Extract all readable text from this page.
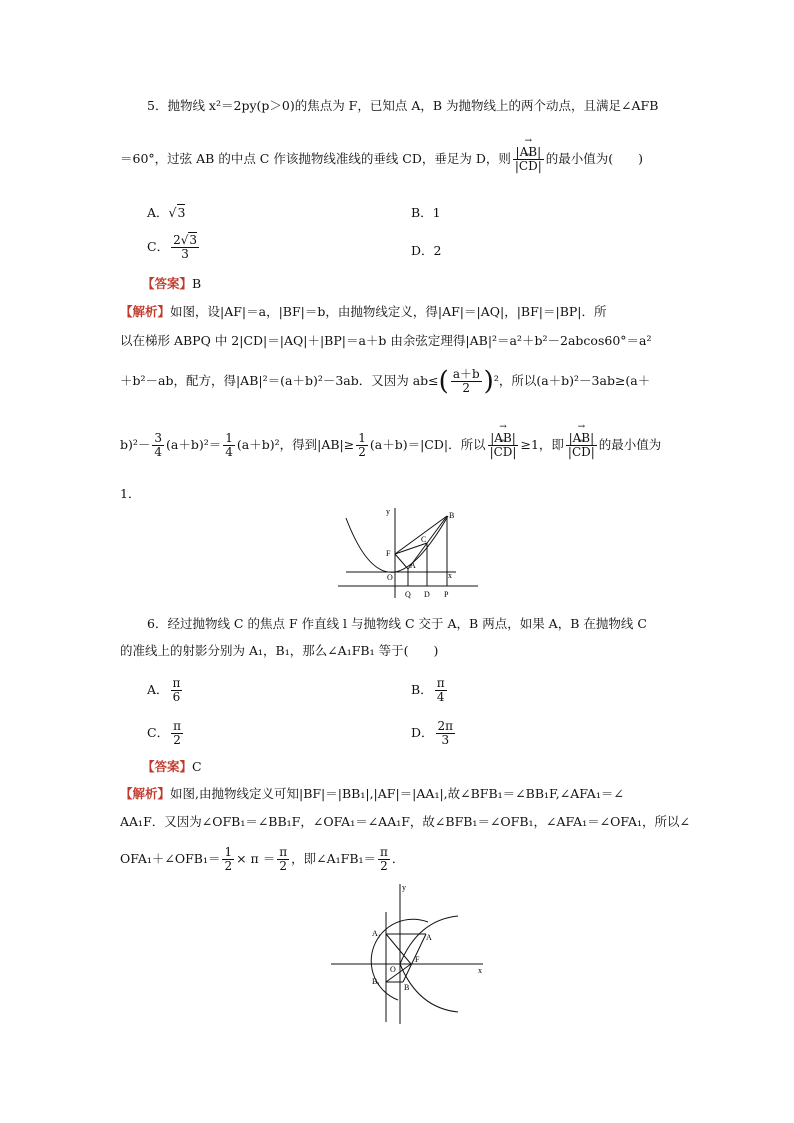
5．抛物线 x²＝2py(p＞0)的焦点为 F，已知点 A，B 为抛物线上的两个动点，且满足∠AFB
＝60°，过弦 AB 的中点 C 作该抛物线准线的垂线 CD，垂足为 D，则 → |AB|
→ |CD| 的最小值为(　　)
A．√3	B．1
C． $\frac{2√3}{3}$	D．2
【答案】B
【解析】如图，设|AF|＝a，|BF|＝b，由抛物线定义，得|AF|＝|AQ|，|BF|＝|BP|．所
以在梯形 ABPQ 中 2|CD|＝|AQ|＋|BP|＝a＋b 由余弦定理得|AB|²＝a²＋b²－2abcos60°＝a²
＋b²－ab，配方，得|AB|²＝(a＋b)²－3ab．又因为 $ab\le( \frac{a+b}{2} )^2$，所以(a＋b)²－3ab≥(a＋
$b)^2- \frac{3}{4} (a+b)^2= \frac{1}{4} (a+b)^2$，得到$|AB|\ge \frac{1}{2} (a+b)=|CD|$．所以 → |AB|
→ |CD| ≥1，即 → |AB|
→ |CD| 的最小值为
1．
y
x
B
C
F
A
O
Q D P
6．经过抛物线 C 的焦点 F 作直线 l 与抛物线 C 交于 A，B 两点，如果 A，B 在抛物线 C
的准线上的射影分别为 A₁，B₁，那么∠A₁FB₁ 等于(　　)
A． $\frac{\pi}{6}$	B． $\frac{\pi}{4}$
C． $\frac{\pi}{2}$	D． $\frac{2\pi}{3}$
【答案】C
【解析】如图,由抛物线定义可知|BF|＝|BB₁|,|AF|＝|AA₁|,故∠BFB₁＝∠BB₁F,∠AFA₁＝∠
AA₁F．又因为∠OFB₁＝∠BB₁F，∠OFA₁＝∠AA₁F，故∠BFB₁＝∠OFB₁，∠AFA₁＝∠OFA₁，所以∠
OFA₁＋∠OFB₁＝ $\frac{1}{2} \times \pi = \frac{\pi}{2}$ ，即∠A₁FB₁＝ $\frac{\pi}{2}$ ．
y
x
A₁	A
F
O
B₁
B
